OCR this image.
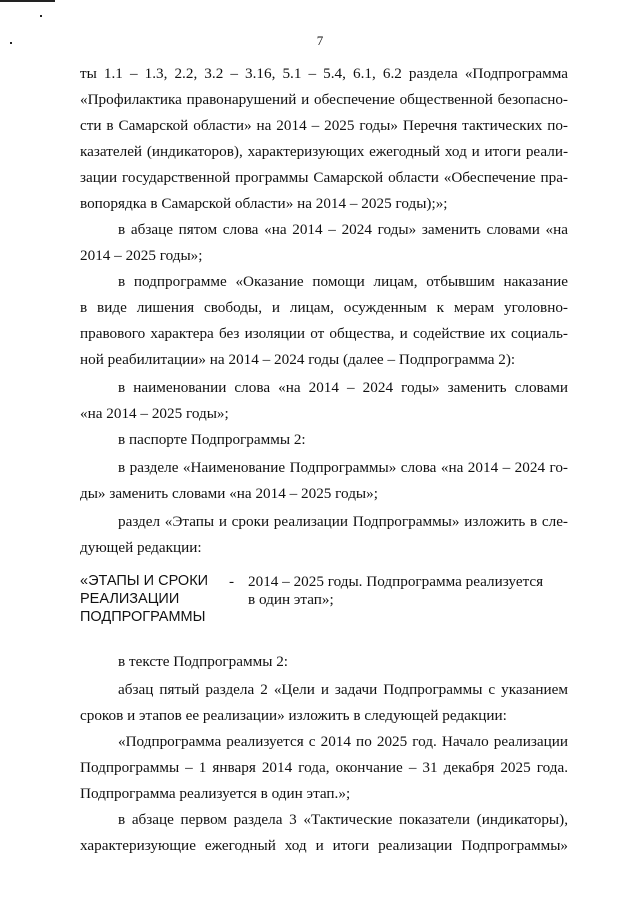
7
ты 1.1 – 1.3, 2.2, 3.2 – 3.16, 5.1 – 5.4, 6.1, 6.2 раздела «Подпрограмма
«Профилактика правонарушений и обеспечение общественной безопасно-
сти в Самарской области» на 2014 – 2025 годы» Перечня тактических по-
казателей (индикаторов), характеризующих ежегодный ход и итоги реали-
зации государственной программы Самарской области «Обеспечение пра-
вопорядка в Самарской области» на 2014 – 2025 годы);»;
в абзаце пятом слова «на 2014 – 2024 годы» заменить словами «на
2014 – 2025 годы»;
в подпрограмме «Оказание помощи лицам, отбывшим наказание
в виде лишения свободы, и лицам, осужденным к мерам уголовно-
правового характера без изоляции от общества, и содействие их социаль-
ной реабилитации» на 2014 – 2024 годы (далее – Подпрограмма 2):
в наименовании слова «на 2014 – 2024 годы» заменить словами
«на 2014 – 2025 годы»;
в паспорте Подпрограммы 2:
в разделе «Наименование Подпрограммы» слова «на 2014 – 2024 го-
ды» заменить словами «на 2014 – 2025 годы»;
раздел «Этапы и сроки реализации Подпрограммы» изложить в сле-
дующей редакции:
«ЭТАПЫ И СРОКИ
РЕАЛИЗАЦИИ
ПОДПРОГРАММЫ
- 2014 – 2025 годы. Подпрограмма реализуется
в один этап»;
в тексте Подпрограммы 2:
абзац пятый раздела 2 «Цели и задачи Подпрограммы с указанием
сроков и этапов ее реализации» изложить в следующей редакции:
«Подпрограмма реализуется с 2014 по 2025 год. Начало реализации
Подпрограммы – 1 января 2014 года, окончание – 31 декабря 2025 года.
Подпрограмма реализуется в один этап.»;
в абзаце первом раздела 3 «Тактические показатели (индикаторы),
характеризующие ежегодный ход и итоги реализации Подпрограммы»
